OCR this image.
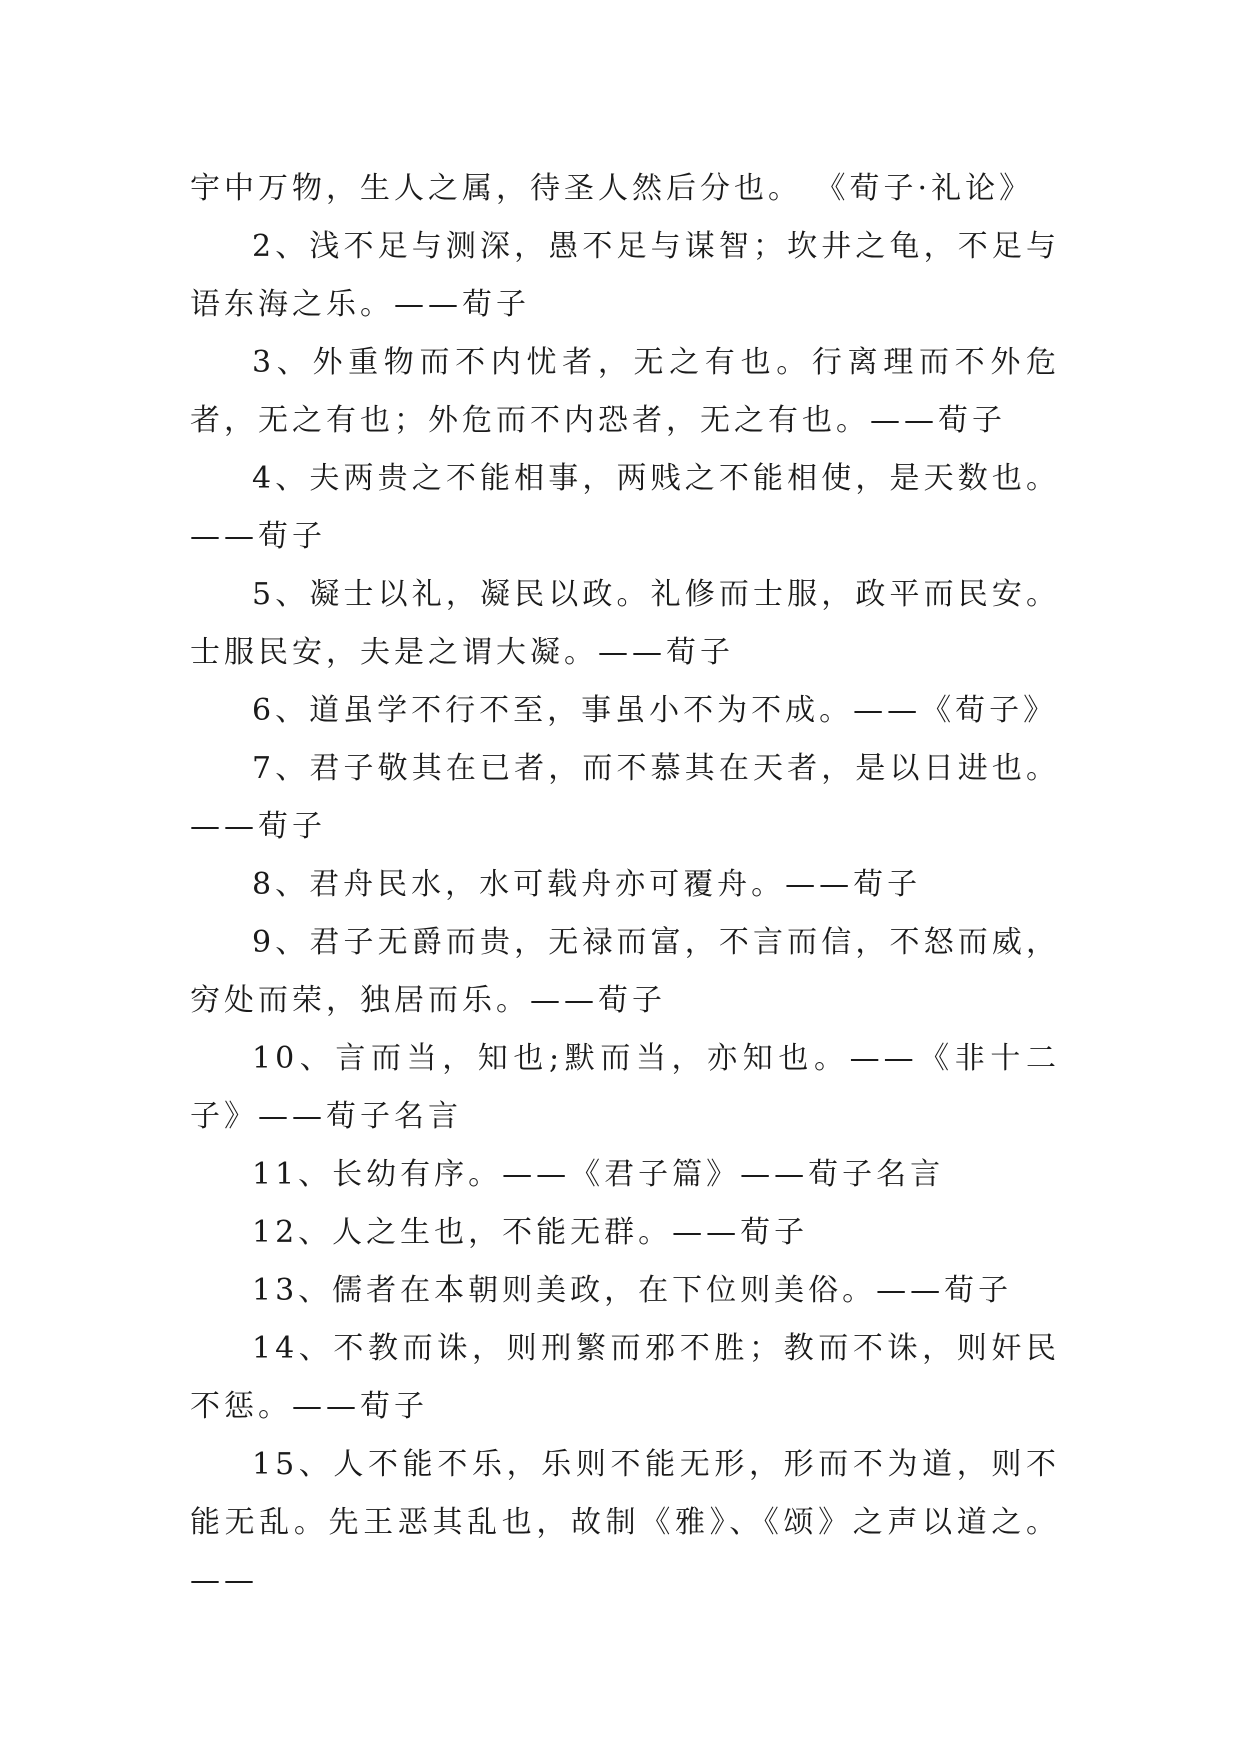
宇中万物，生人之属，待圣人然后分也。 《荀子·礼论》

2、浅不足与测深，愚不足与谋智；坎井之龟，不足与语东海之乐。——荀子

3、外重物而不内忧者，无之有也。行离理而不外危者，无之有也；外危而不内恐者，无之有也。——荀子

4、夫两贵之不能相事，两贱之不能相使，是天数也。——荀子

5、凝士以礼，凝民以政。礼修而士服，政平而民安。士服民安，夫是之谓大凝。——荀子

6、道虽学不行不至，事虽小不为不成。——《荀子》

7、君子敬其在已者，而不慕其在天者，是以日进也。——荀子

8、君舟民水，水可载舟亦可覆舟。——荀子

9、君子无爵而贵，无禄而富，不言而信，不怒而威，穷处而荣，独居而乐。——荀子

10、言而当，知也;默而当，亦知也。——《非十二子》——荀子名言

11、长幼有序。——《君子篇》——荀子名言

12、人之生也，不能无群。——荀子

13、儒者在本朝则美政，在下位则美俗。——荀子

14、不教而诛，则刑繁而邪不胜；教而不诛，则奸民不惩。——荀子

15、人不能不乐，乐则不能无形，形而不为道，则不能无乱。先王恶其乱也，故制《雅》、《颂》之声以道之。——
